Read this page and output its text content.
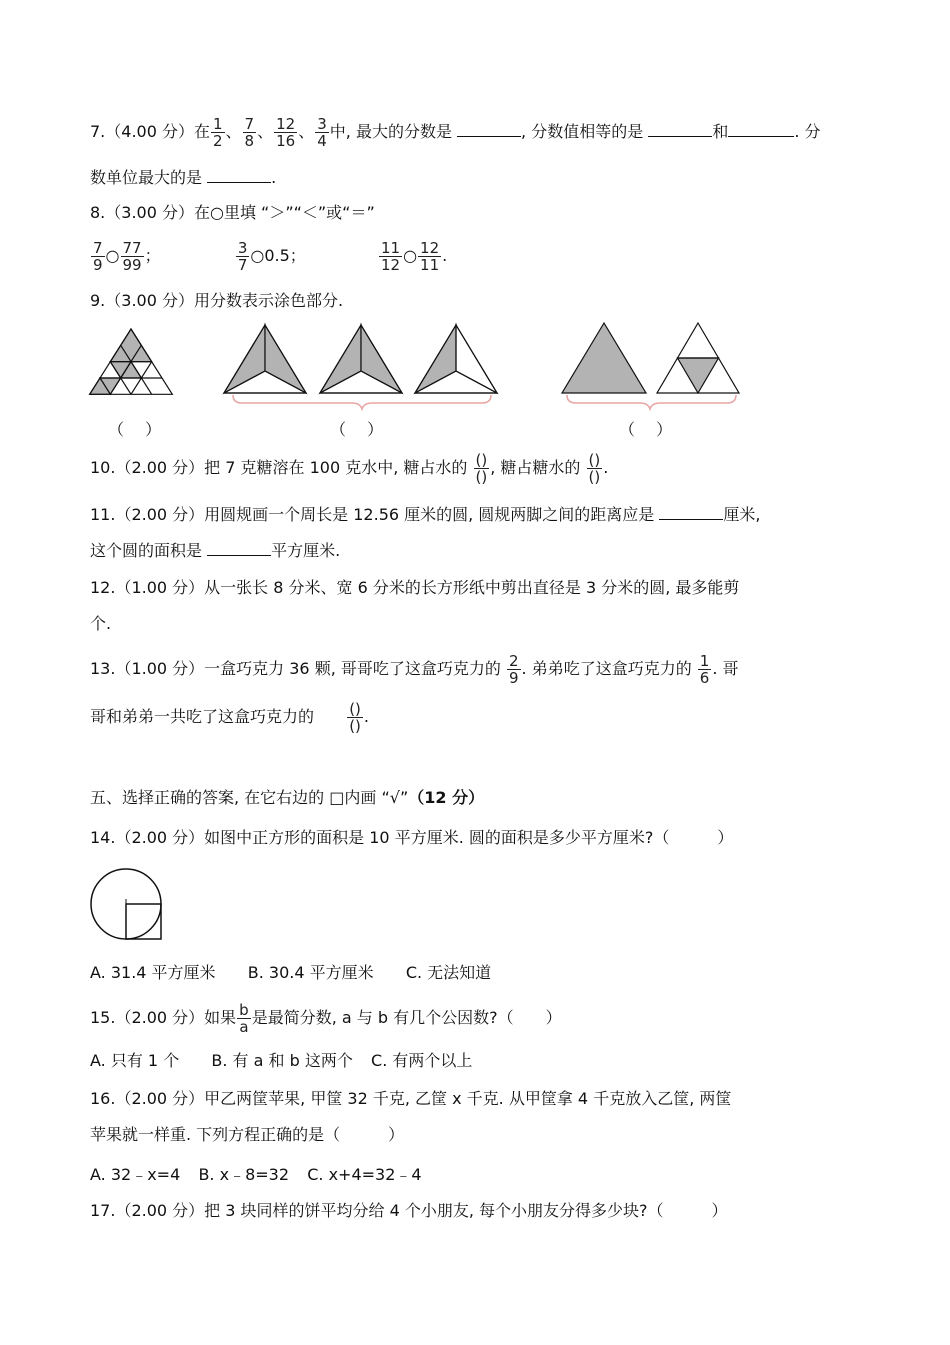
7.（4.00 分）在 $\frac{1}{2}$ 、 $\frac{7}{8}$ 、 $\frac{12}{16}$ 、 $\frac{3}{4}$ 中, 最大的分数是	, 分数值相等的是	和	. 分
数单位最大的是	.
8.（3.00 分）在○里填 “＞”“＜”或“＝”
$\frac{7}{9}$ ○ $\frac{77}{99}$ ；	$\frac{3}{7}$ ○0.5；	$\frac{11}{12}$ ○ $\frac{12}{11}$ .
9.（3.00 分）用分数表示涂色部分.
（　 ）	（　 ）	（　 ）
10.（2.00 分）把 7 克糖溶在 100 克水中, 糖占水的 $\frac{()}{()}$ , 糖占糖水的 $\frac{()}{()}$ .
11.（2.00 分）用圆规画一个周长是 12.56 厘米的圆, 圆规两脚之间的距离应是	厘米,
这个圆的面积是	平方厘米.
12.（1.00 分）从一张长 8 分米、宽 6 分米的长方形纸中剪出直径是 3 分米的圆, 最多能剪
个.
13.（1.00 分）一盒巧克力 36 颗, 哥哥吃了这盒巧克力的 $\frac{2}{9}$ . 弟弟吃了这盒巧克力的 $\frac{1}{6}$ . 哥
哥和弟弟一共吃了这盒巧克力的 $\frac{()}{()}$ .
五、选择正确的答案, 在它右边的 □内画 “√”（12 分）
14.（2.00 分）如图中正方形的面积是 10 平方厘米. 圆的面积是多少平方厘米?（　　　）
A. 31.4 平方厘米 B. 30.4 平方厘米 C. 无法知道
15.（2.00 分）如果 $\frac{b}{a}$ 是最简分数, a 与 b 有几个公因数?（　　）
A. 只有 1 个 B. 有 a 和 b 这两个 C. 有两个以上
16.（2.00 分）甲乙两筐苹果, 甲筐 32 千克, 乙筐 x 千克. 从甲筐拿 4 千克放入乙筐, 两筐
苹果就一样重. 下列方程正确的是（　　　）
A. 32﹣x=4 B. x﹣8=32 C. x+4=32﹣4
17.（2.00 分）把 3 块同样的饼平均分给 4 个小朋友, 每个小朋友分得多少块?（　　　）
